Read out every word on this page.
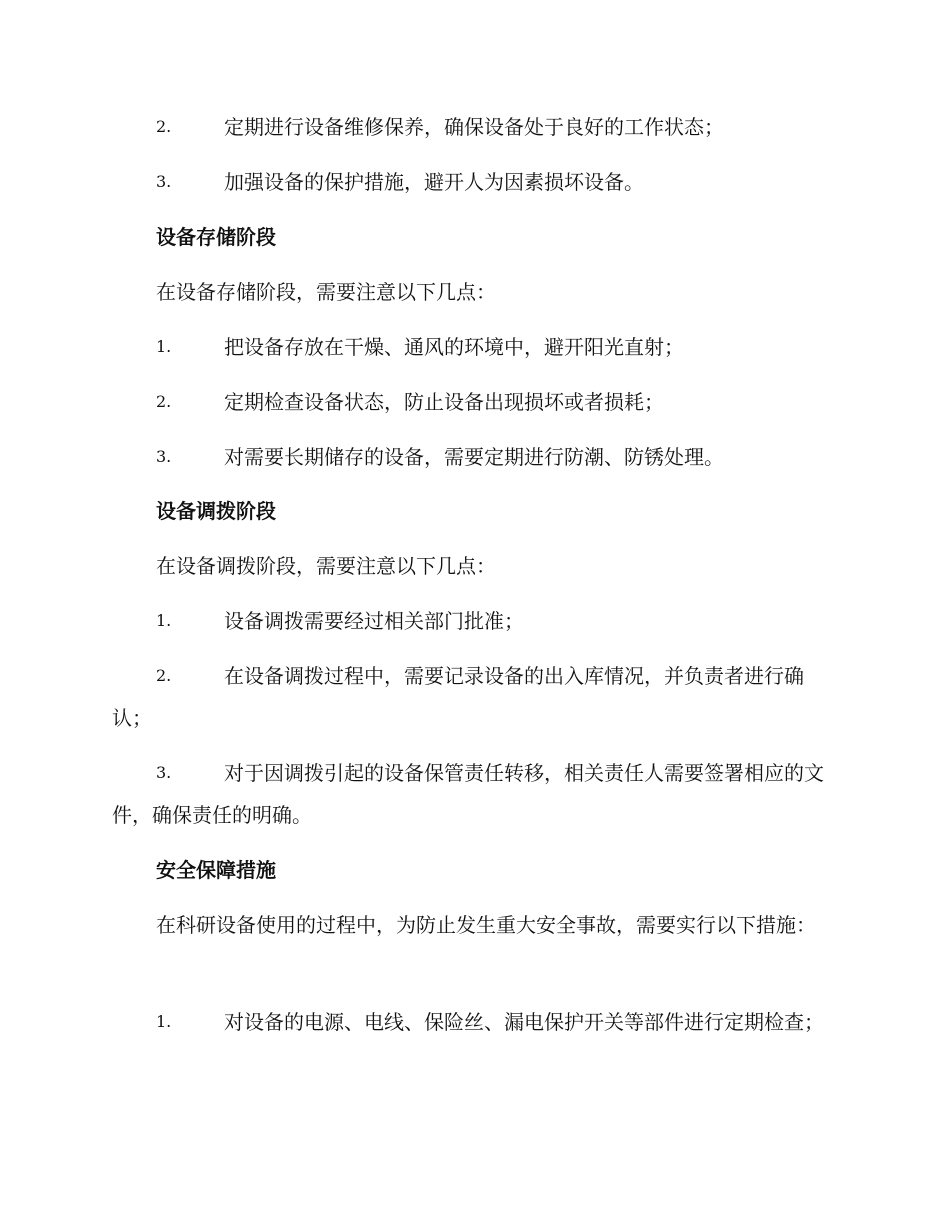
2.	定期进行设备维修保养，确保设备处于良好的工作状态；
3.	加强设备的保护措施，避开人为因素损坏设备。
设备存储阶段
在设备存储阶段，需要注意以下几点：
1.	把设备存放在干燥、通风的环境中，避开阳光直射；
2.	定期检查设备状态，防止设备出现损坏或者损耗；
3.	对需要长期储存的设备，需要定期进行防潮、防锈处理。
设备调拨阶段
在设备调拨阶段，需要注意以下几点：
1.	设备调拨需要经过相关部门批准；
2.	在设备调拨过程中，需要记录设备的出入库情况，并负责者进行确认；
3.	对于因调拨引起的设备保管责任转移，相关责任人需要签署相应的文件，确保责任的明确。
安全保障措施
在科研设备使用的过程中，为防止发生重大安全事故，需要实行以下措施：
1.	对设备的电源、电线、保险丝、漏电保护开关等部件进行定期检查；
